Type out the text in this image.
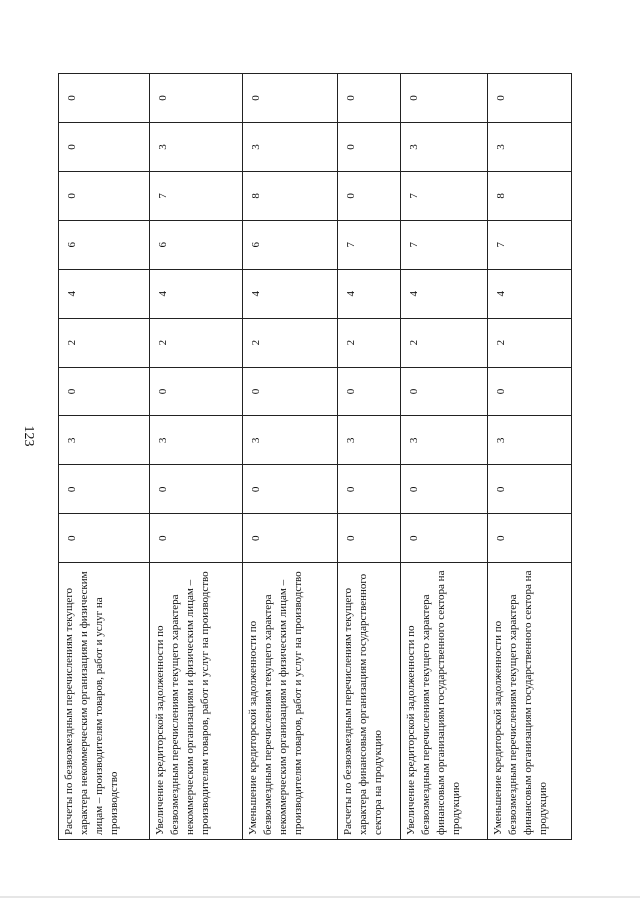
123
Расчеты по безвозмездным перечислениям текущего характера некоммерческим организациям и физическим лицам – производителям товаров, работ и услуг на производство	0	0	3	0	2	4	6	0	0	0
Увеличение кредиторской задолженности по безвозмездным перечислениям текущего характера некоммерческим организациям и физическим лицам – производителям товаров, работ и услуг на производство	0	0	3	0	2	4	6	7	3	0
Уменьшение кредиторской задолженности по безвозмездным перечислениям текущего характера некоммерческим организациям и физическим лицам – производителям товаров, работ и услуг на производство	0	0	3	0	2	4	6	8	3	0
Расчеты по безвозмездным перечислениям текущего характера финансовым организациям государственного сектора на продукцию	0	0	3	0	2	4	7	0	0	0
Увеличение кредиторской задолженности по безвозмездным перечислениям текущего характера финансовым организациям государственного сектора на продукцию	0	0	3	0	2	4	7	7	3	0
Уменьшение кредиторской задолженности по безвозмездным перечислениям текущего характера финансовым организациям государственного сектора на продукцию	0	0	3	0	2	4	7	8	3	0
